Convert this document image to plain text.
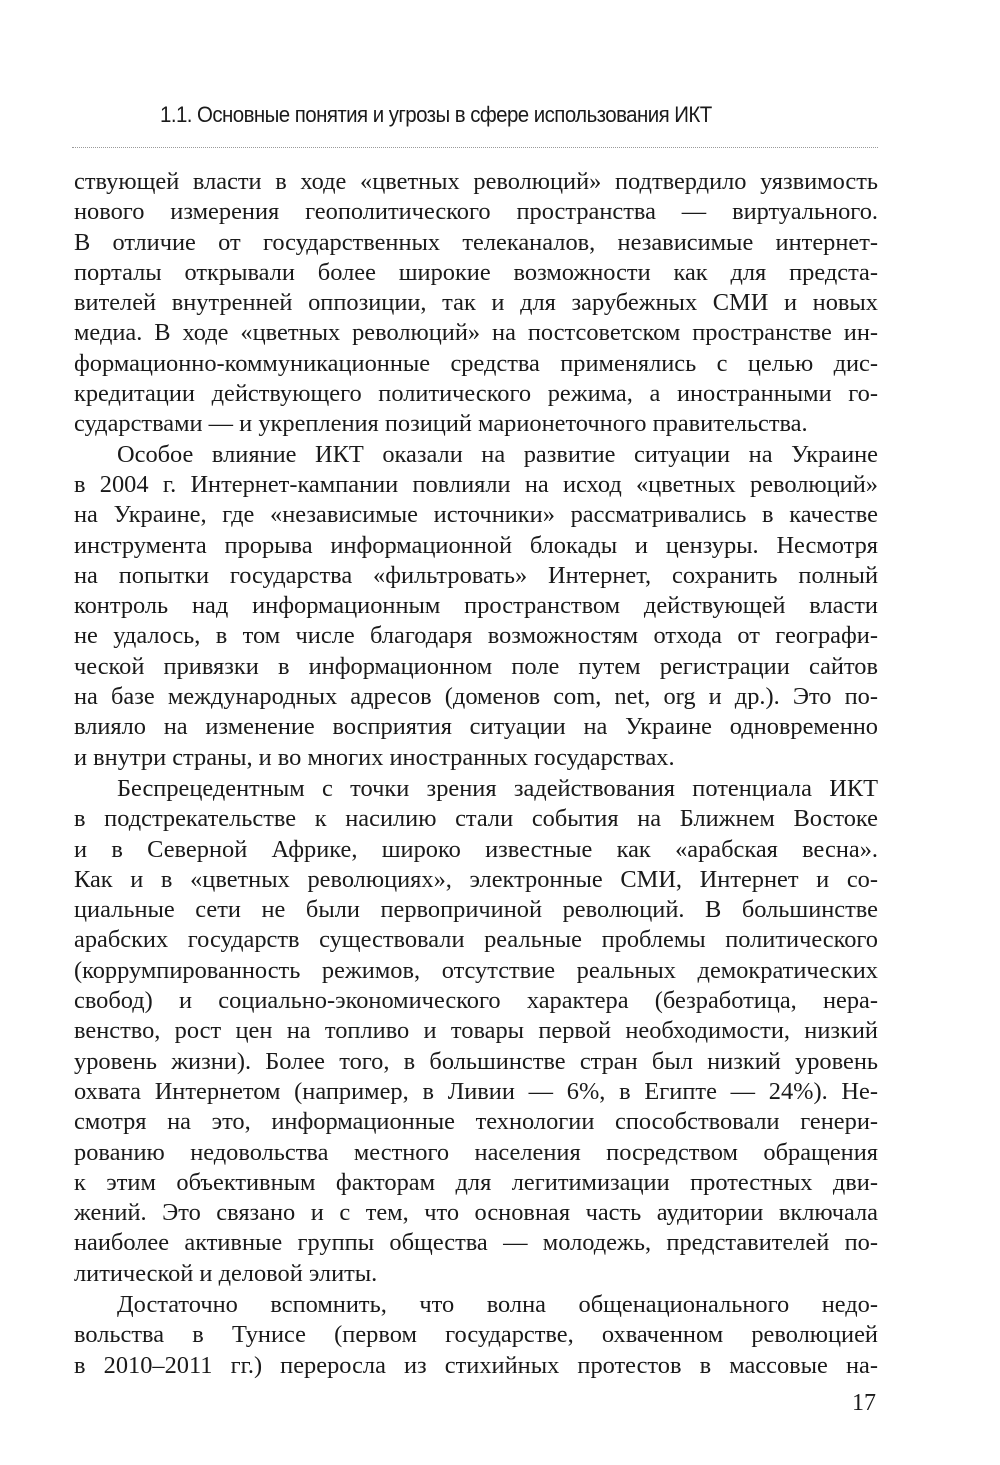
1.1. Основные понятия и угрозы в сфере использования ИКТ
ствующей власти в ходе «цветных революций» подтвердило уязвимость
нового измерения геополитического пространства — виртуального.
В отличие от государственных телеканалов, независимые интернет-
порталы открывали более широкие возможности как для предста-
вителей внутренней оппозиции, так и для зарубежных СМИ и новых
медиа. В ходе «цветных революций» на постсоветском пространстве ин-
формационно-коммуникационные средства применялись с целью дис-
кредитации действующего политического режима, а иностранными го-
сударствами — и укрепления позиций марионеточного правительства.
Особое влияние ИКТ оказали на развитие ситуации на Украине
в 2004 г. Интернет-кампании повлияли на исход «цветных революций»
на Украине, где «независимые источники» рассматривались в качестве
инструмента прорыва информационной блокады и цензуры. Несмотря
на попытки государства «фильтровать» Интернет, сохранить полный
контроль над информационным пространством действующей власти
не удалось, в том числе благодаря возможностям отхода от географи-
ческой привязки в информационном поле путем регистрации сайтов
на базе международных адресов (доменов com, net, org и др.). Это по-
влияло на изменение восприятия ситуации на Украине одновременно
и внутри страны, и во многих иностранных государствах.
Беспрецедентным с точки зрения задействования потенциала ИКТ
в подстрекательстве к насилию стали события на Ближнем Востоке
и в Северной Африке, широко известные как «арабская весна».
Как и в «цветных революциях», электронные СМИ, Интернет и со-
циальные сети не были первопричиной революций. В большинстве
арабских государств существовали реальные проблемы политического
(коррумпированность режимов, отсутствие реальных демократических
свобод) и социально-экономического характера (безработица, нера-
венство, рост цен на топливо и товары первой необходимости, низкий
уровень жизни). Более того, в большинстве стран был низкий уровень
охвата Интернетом (например, в Ливии — 6%, в Египте — 24%). Не-
смотря на это, информационные технологии способствовали генери-
рованию недовольства местного населения посредством обращения
к этим объективным факторам для легитимизации протестных дви-
жений. Это связано и с тем, что основная часть аудитории включала
наиболее активные группы общества — молодежь, представителей по-
литической и деловой элиты.
Достаточно вспомнить, что волна общенационального недо-
вольства в Тунисе (первом государстве, охваченном революцией
в 2010–2011 гг.) переросла из стихийных протестов в массовые на-
17
